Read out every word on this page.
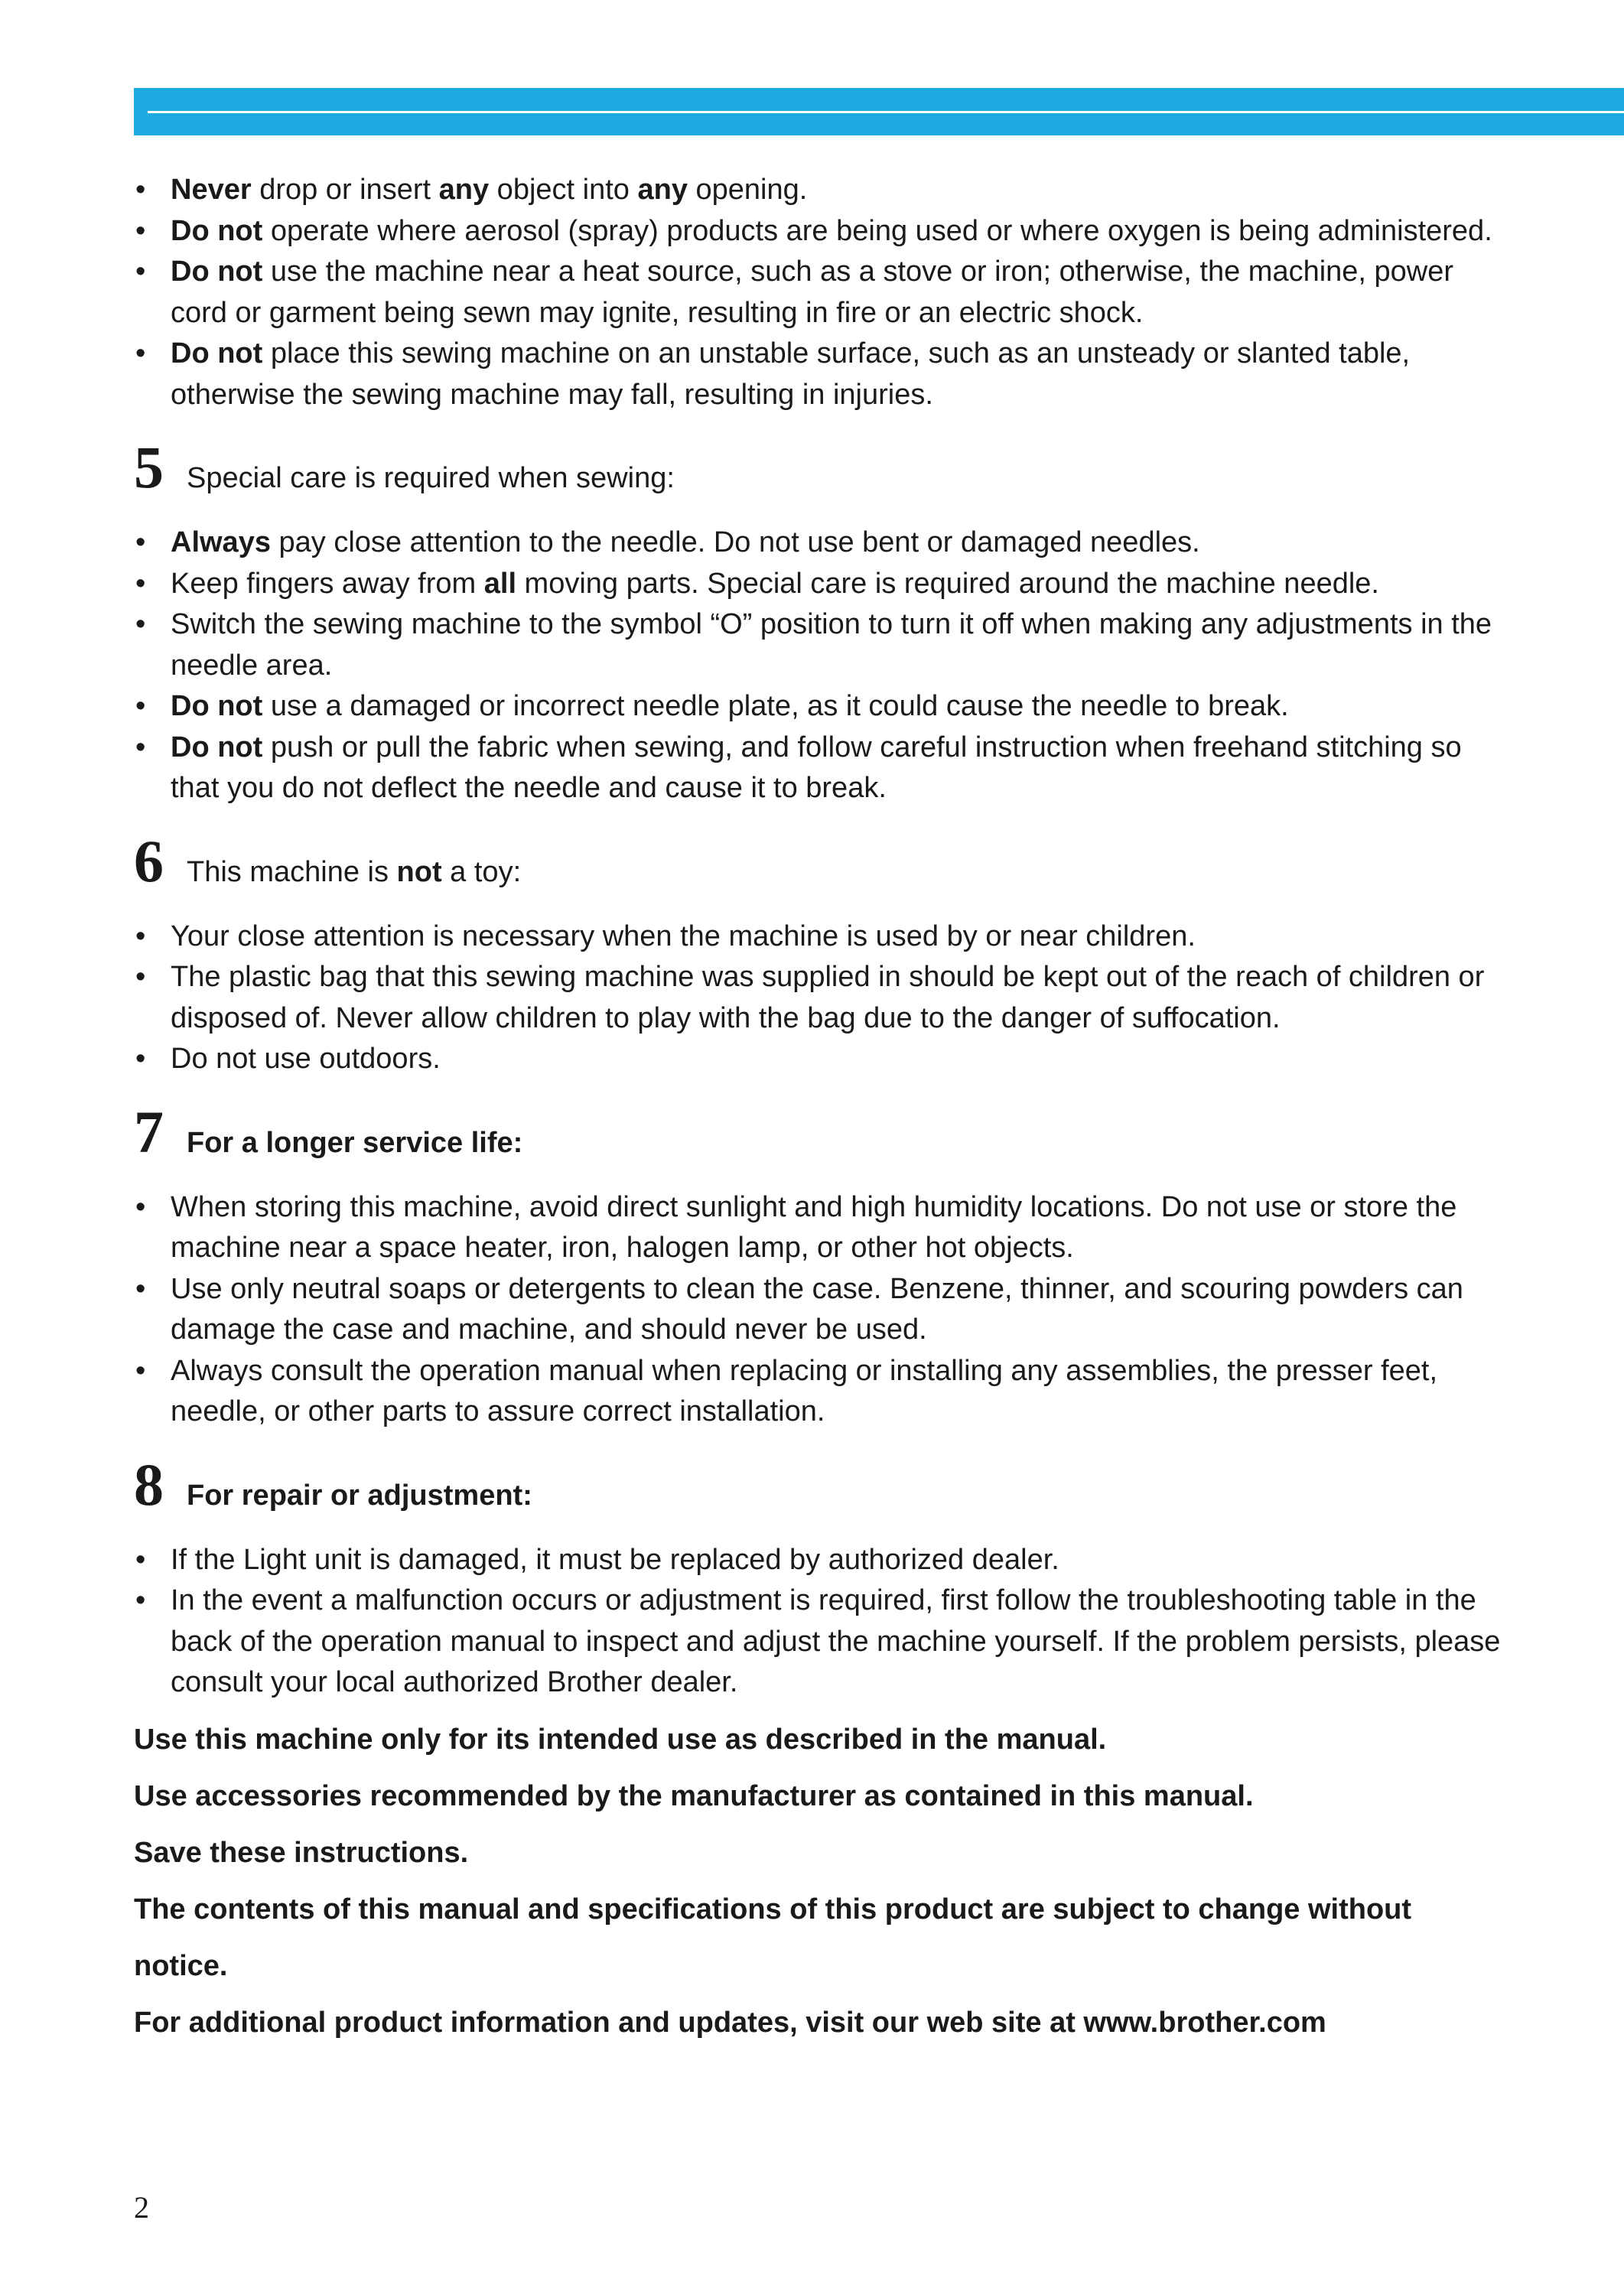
• Never drop or insert any object into any opening.
• Do not operate where aerosol (spray) products are being used or where oxygen is being administered.
• Do not use the machine near a heat source, such as a stove or iron; otherwise, the machine, power cord or garment being sewn may ignite, resulting in fire or an electric shock.
• Do not place this sewing machine on an unstable surface, such as an unsteady or slanted table, otherwise the sewing machine may fall, resulting in injuries.
5 Special care is required when sewing:
• Always pay close attention to the needle. Do not use bent or damaged needles.
• Keep fingers away from all moving parts. Special care is required around the machine needle.
• Switch the sewing machine to the symbol “O” position to turn it off when making any adjustments in the needle area.
• Do not use a damaged or incorrect needle plate, as it could cause the needle to break.
• Do not push or pull the fabric when sewing, and follow careful instruction when freehand stitching so that you do not deflect the needle and cause it to break.
6 This machine is not a toy:
• Your close attention is necessary when the machine is used by or near children.
• The plastic bag that this sewing machine was supplied in should be kept out of the reach of children or disposed of. Never allow children to play with the bag due to the danger of suffocation.
• Do not use outdoors.
7 For a longer service life:
• When storing this machine, avoid direct sunlight and high humidity locations. Do not use or store the machine near a space heater, iron, halogen lamp, or other hot objects.
• Use only neutral soaps or detergents to clean the case. Benzene, thinner, and scouring powders can damage the case and machine, and should never be used.
• Always consult the operation manual when replacing or installing any assemblies, the presser feet, needle, or other parts to assure correct installation.
8 For repair or adjustment:
• If the Light unit is damaged, it must be replaced by authorized dealer.
• In the event a malfunction occurs or adjustment is required, first follow the troubleshooting table in the back of the operation manual to inspect and adjust the machine yourself. If the problem persists, please consult your local authorized Brother dealer.
Use this machine only for its intended use as described in the manual.
Use accessories recommended by the manufacturer as contained in this manual.
Save these instructions.
The contents of this manual and specifications of this product are subject to change without notice.
For additional product information and updates, visit our web site at www.brother.com
2
